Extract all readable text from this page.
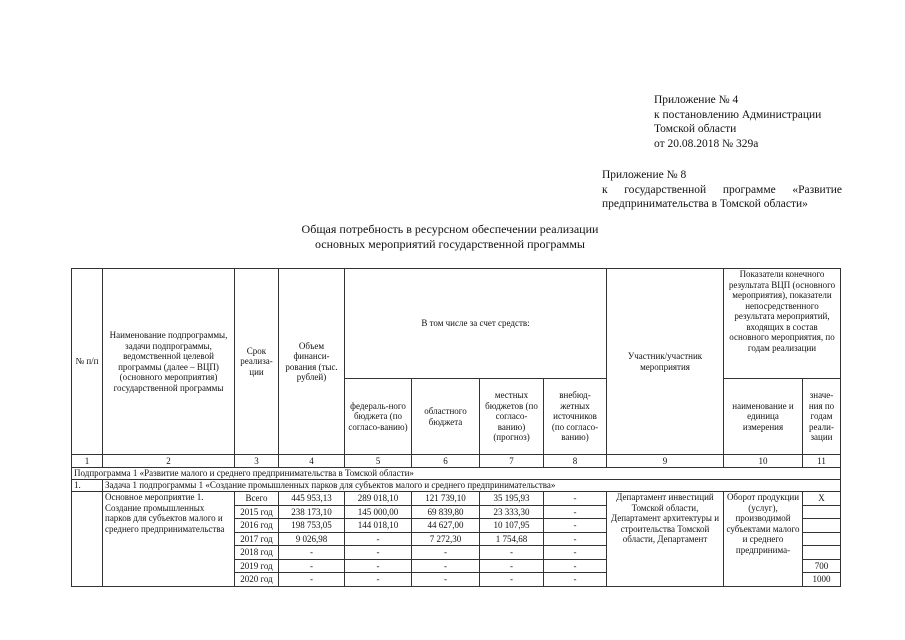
Приложение № 4
к постановлению Администрации
Томской области
от 20.08.2018 № 329а
Приложение № 8
к государственной программе «Развитие
предпринимательства в Томской области»
Общая потребность в ресурсном обеспечении реализации
основных мероприятий государственной программы
№ п/п	Наименование подпрограммы, задачи подпрограммы, ведомственной целевой программы (далее – ВЦП) (основного мероприятия) государственной программы	Срок реализа-ции	Объем финанси-рования (тыс. рублей)	В том числе за счет средств:				Участник/участник мероприятия	Показатели конечного результата ВЦП (основного мероприятия), показатели непосредственного результата мероприятий, входящих в состав основного мероприятия, по годам реализации	
				федераль-ного бюджета (по согласо-ванию)	областного бюджета	местных бюджетов (по согласо-ванию) (прогноз)	внебюд-жетных источников (по согласо-ванию)		наименование и единица измерения	значе-ния по годам реали-зации
1	2	3	4	5	6	7	8	9	10	11
Подпрограмма 1 «Развитие малого и среднего предпринимательства в Томской области»										
1.	Задача 1 подпрограммы 1 «Создание промышленных парков для субъектов малого и среднего предпринимательства»									
	Основное мероприятие 1. Создание промышленных парков для субъектов малого и среднего предпринимательства	Всего	445 953,13	289 018,10	121 739,10	35 195,93	-	Департамент инвестиций Томской области, Департамент архитектуры и строительства Томской области, Департамент	Оборот продукции (услуг), производимой субъектами малого и среднего предпринима-	Х
		2015 год	238 173,10	145 000,00	69 839,80	23 333,30	-			
		2016 год	198 753,05	144 018,10	44 627,00	10 107,95	-			
		2017 год	9 026,98	-	7 272,30	1 754,68	-			
		2018 год	-	-	-	-	-			
		2019 год	-	-	-	-	-			700
		2020 год	-	-	-	-	-			1000
